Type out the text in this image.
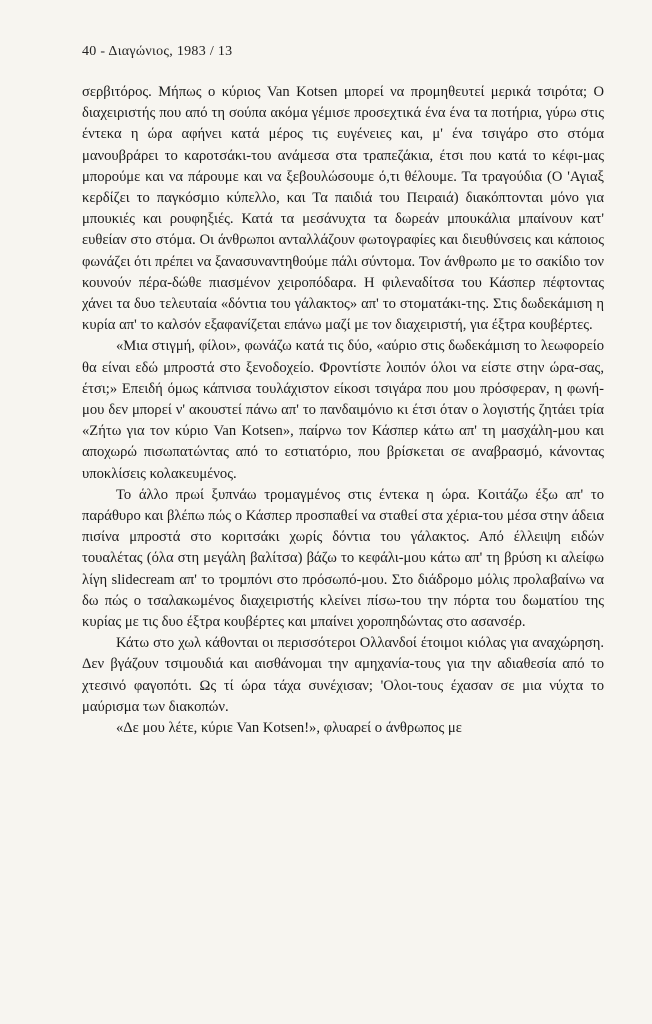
40 - Διαγώνιος, 1983 / 13

σερβιτόρος. Μήπως ο κύριος Van Kotsen μπορεί να προμηθευτεί μερικά τσιρότα; Ο διαχειριστής που από τη σούπα ακόμα γέμισε προσεχτικά ένα ένα τα ποτήρια, γύρω στις έντεκα η ώρα αφήνει κατά μέρος τις ευγένειες και, μ' ένα τσιγάρο στο στόμα μανουβράρει το καροτσάκι-του ανάμεσα στα τραπεζάκια, έτσι που κατά το κέφι-μας μπορούμε και να πάρουμε και να ξεβουλώσουμε ό,τι θέλουμε. Τα τραγούδια (Ο 'Αγιαξ κερδίζει το παγκόσμιο κύπελλο, και Τα παιδιά του Πειραιά) διακόπτονται μόνο για μπουκιές και ρουφηξιές. Κατά τα μεσάνυχτα τα δωρεάν μπουκάλια μπαίνουν κατ' ευθείαν στο στόμα. Οι άνθρωποι ανταλλάζουν φωτογραφίες και διευθύνσεις και κάποιος φωνάζει ότι πρέπει να ξανασυναντηθούμε πάλι σύντομα. Τον άνθρωπο με το σακίδιο τον κουνούν πέρα-δώθε πιασμένον χειροπόδαρα. Η φιλεναδίτσα του Κάσπερ πέφτοντας χάνει τα δυο τελευταία «δόντια του γάλακτος» απ' το στοματάκι-της. Στις δωδεκάμιση η κυρία απ' το καλσόν εξαφανίζεται επάνω μαζί με τον διαχειριστή, για έξτρα κουβέρτες.

«Μια στιγμή, φίλοι», φωνάζω κατά τις δύο, «αύριο στις δωδεκάμιση το λεωφορείο θα είναι εδώ μπροστά στο ξενοδοχείο. Φροντίστε λοιπόν όλοι να είστε στην ώρα-σας, έτσι;» Επειδή όμως κάπνισα τουλάχιστον είκοσι τσιγάρα που μου πρόσφεραν, η φωνή-μου δεν μπορεί ν' ακουστεί πάνω απ' το πανδαιμόνιο κι έτσι όταν ο λογιστής ζητάει τρία «Ζήτω για τον κύριο Van Kotsen», παίρνω τον Κάσπερ κάτω απ' τη μασχάλη-μου και αποχωρώ πισωπατώντας από το εστιατόριο, που βρίσκεται σε αναβρασμό, κάνοντας υποκλίσεις κολακευμένος.

Το άλλο πρωί ξυπνάω τρομαγμένος στις έντεκα η ώρα. Κοιτάζω έξω απ' το παράθυρο και βλέπω πώς ο Κάσπερ προσπαθεί να σταθεί στα χέρια-του μέσα στην άδεια πισίνα μπροστά στο κοριτσάκι χωρίς δόντια του γάλακτος. Από έλλειψη ειδών τουαλέτας (όλα στη μεγάλη βαλίτσα) βάζω το κεφάλι-μου κάτω απ' τη βρύση κι αλείφω λίγη slidecream απ' το τρομπόνι στο πρόσωπό-μου. Στο διάδρομο μόλις προλαβαίνω να δω πώς ο τσαλακωμένος διαχειριστής κλείνει πίσω-του την πόρτα του δωματίου της κυρίας με τις δυο έξτρα κουβέρτες και μπαίνει χοροπηδώντας στο ασανσέρ.

Κάτω στο χωλ κάθονται οι περισσότεροι Ολλανδοί έτοιμοι κιόλας για αναχώρηση. Δεν βγάζουν τσιμουδιά και αισθάνομαι την αμηχανία-τους για την αδιαθεσία από το χτεσινό φαγοπότι. Ως τί ώρα τάχα συνέχισαν; 'Ολοι-τους έχασαν σε μια νύχτα το μαύρισμα των διακοπών.

«Δε μου λέτε, κύριε Van Kotsen!», φλυαρεί ο άνθρωπος με
